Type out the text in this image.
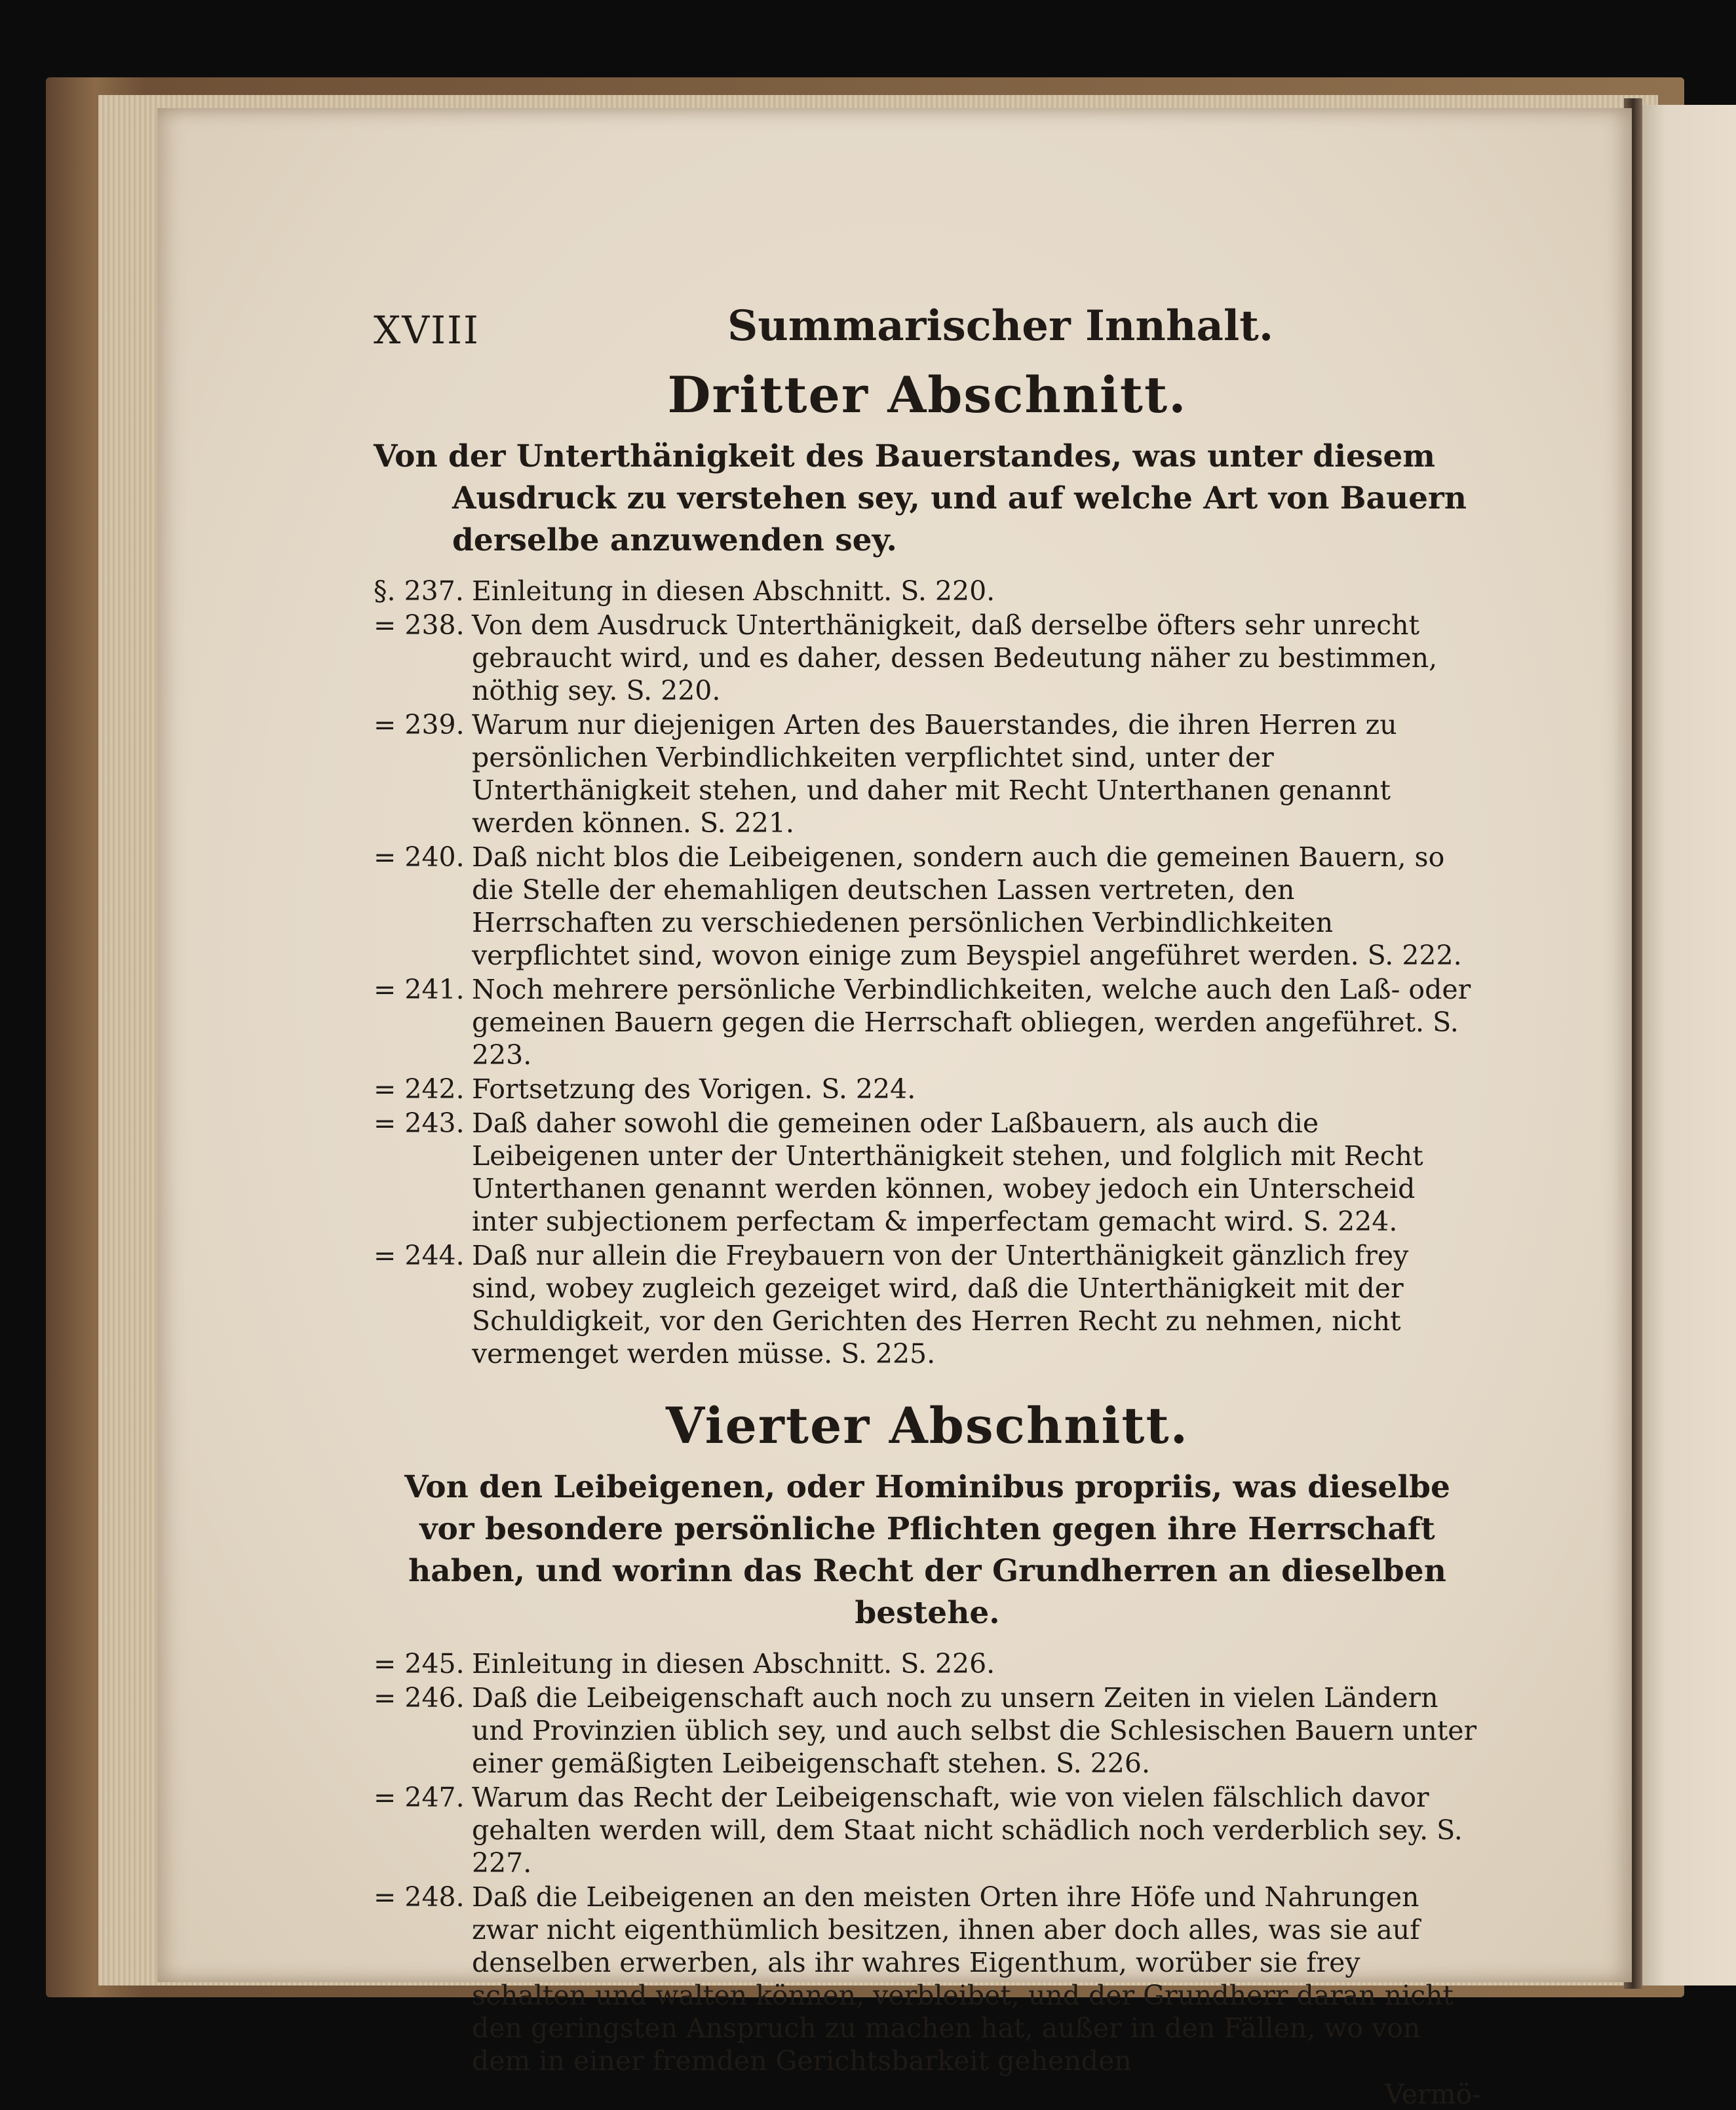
XVIII	Summarischer Innhalt.
Dritter Abschnitt.
Von der Unterthänigkeit des Bauerstandes, was unter diesem Ausdruck zu verstehen sey, und auf welche Art von Bauern derselbe anzuwenden sey.
§. 237. Einleitung in diesen Abschnitt. S. 220.
= 238. Von dem Ausdruck Unterthänigkeit, daß derselbe öfters sehr unrecht gebraucht wird, und es daher, dessen Bedeutung näher zu bestimmen, nöthig sey. S. 220.
= 239. Warum nur diejenigen Arten des Bauerstandes, die ihren Herren zu persönlichen Verbindlichkeiten verpflichtet sind, unter der Unterthänigkeit stehen, und daher mit Recht Unterthanen genannt werden können. S. 221.
= 240. Daß nicht blos die Leibeigenen, sondern auch die gemeinen Bauern, so die Stelle der ehemahligen deutschen Lassen vertreten, den Herrschaften zu verschiedenen persönlichen Verbindlichkeiten verpflichtet sind, wovon einige zum Beyspiel angeführet werden. S. 222.
= 241. Noch mehrere persönliche Verbindlichkeiten, welche auch den Laß- oder gemeinen Bauern gegen die Herrschaft obliegen, werden angeführet. S. 223.
= 242. Fortsetzung des Vorigen. S. 224.
= 243. Daß daher sowohl die gemeinen oder Laßbauern, als auch die Leibeigenen unter der Unterthänigkeit stehen, und folglich mit Recht Unterthanen genannt werden können, wobey jedoch ein Unterscheid inter subjectionem perfectam & imperfectam gemacht wird. S. 224.
= 244. Daß nur allein die Freybauern von der Unterthänigkeit gänzlich frey sind, wobey zugleich gezeiget wird, daß die Unterthänigkeit mit der Schuldigkeit, vor den Gerichten des Herren Recht zu nehmen, nicht vermenget werden müsse. S. 225.
Vierter Abschnitt.
Von den Leibeigenen, oder Hominibus propriis, was dieselbe vor besondere persönliche Pflichten gegen ihre Herrschaft haben, und worinn das Recht der Grundherren an dieselben bestehe.
= 245. Einleitung in diesen Abschnitt. S. 226.
= 246. Daß die Leibeigenschaft auch noch zu unsern Zeiten in vielen Ländern und Provinzien üblich sey, und auch selbst die Schlesischen Bauern unter einer gemäßigten Leibeigenschaft stehen. S. 226.
= 247. Warum das Recht der Leibeigenschaft, wie von vielen fälschlich davor gehalten werden will, dem Staat nicht schädlich noch verderblich sey. S. 227.
= 248. Daß die Leibeigenen an den meisten Orten ihre Höfe und Nahrungen zwar nicht eigenthümlich besitzen, ihnen aber doch alles, was sie auf denselben erwerben, als ihr wahres Eigenthum, worüber sie frey schalten und walten können, verbleibet, und der Grundherr daran nicht den geringsten Anspruch zu machen hat, außer in den Fällen, wo von dem in einer fremden Gerichtsbarkeit gehenden
Vermö-
